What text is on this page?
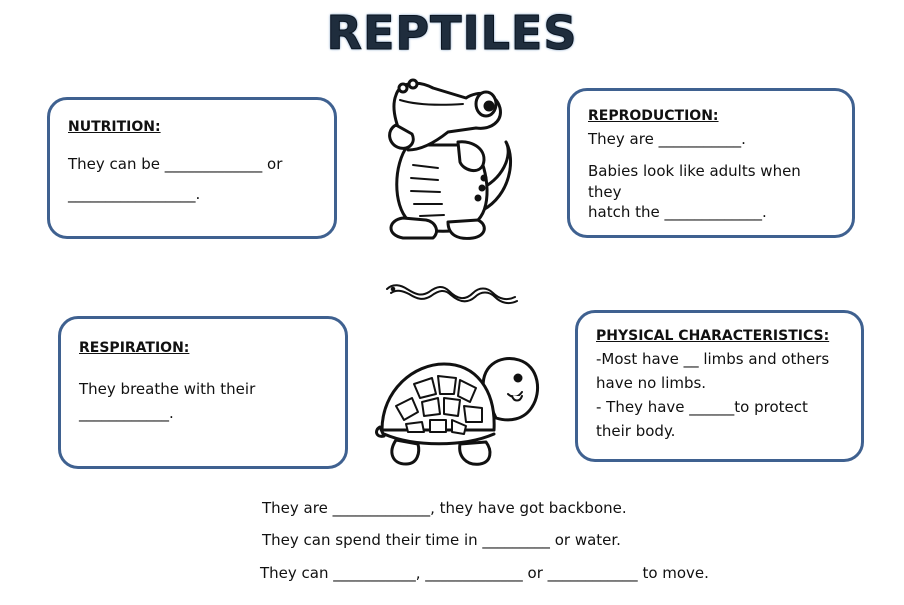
REPTILES
NUTRITION:

They can be _____________ or

_________________.

REPRODUCTION:

They are ___________.

Babies look like adults when they

hatch the _____________.

RESPIRATION:

They breathe with their

____________.

PHYSICAL CHARACTERISTICS:

-Most have __ limbs and others

have no limbs.

- They have ______to protect

their body.

They are _____________, they have got backbone.
They can spend their time in _________ or water.
They can ___________, _____________ or ____________ to move.
